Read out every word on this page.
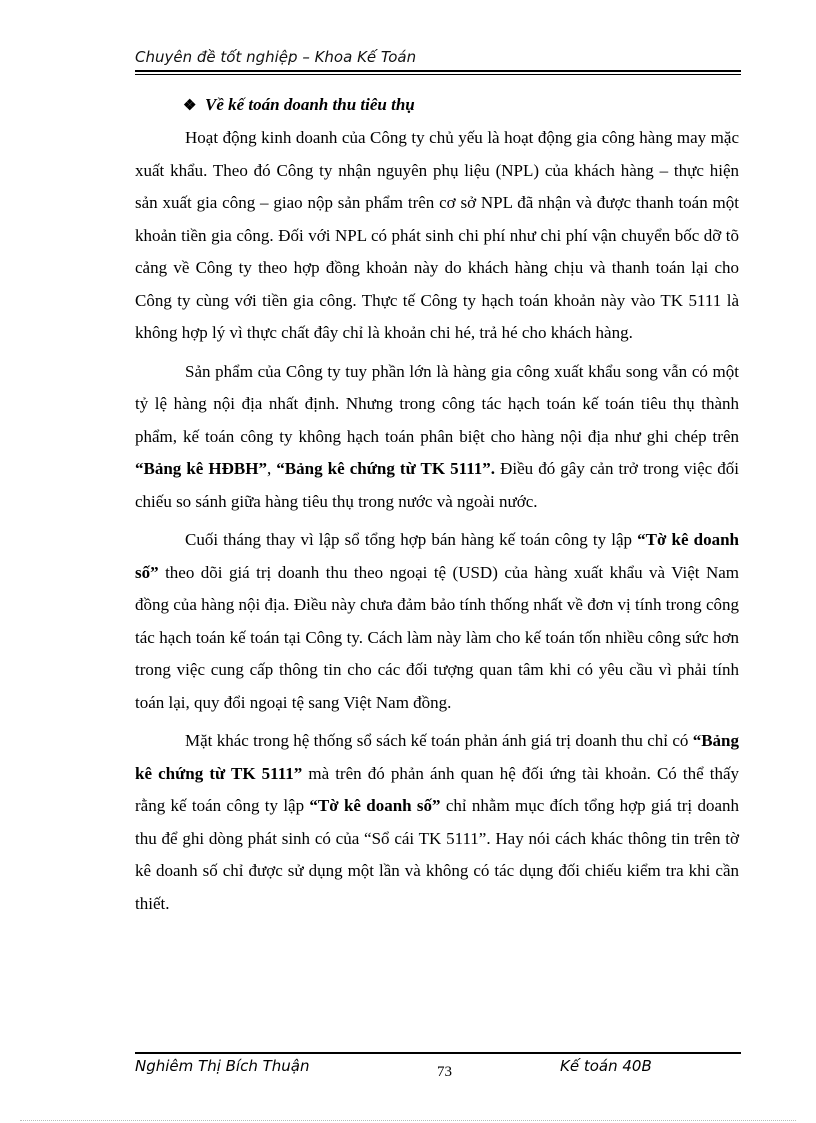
Chuyên đề tốt nghiệp – Khoa Kế Toán
❖ Về kế toán doanh thu tiêu thụ

Hoạt động kinh doanh của Công ty chủ yếu là hoạt động gia công hàng may mặc xuất khẩu. Theo đó Công ty nhận nguyên phụ liệu (NPL) của khách hàng – thực hiện sản xuất gia công – giao nộp sản phẩm trên cơ sở NPL đã nhận và được thanh toán một khoản tiền gia công. Đối với NPL có phát sinh chi phí như chi phí vận chuyển bốc dỡ tõ cảng về Công ty theo hợp đồng khoản này do khách hàng chịu và thanh toán lại cho Công ty cùng với tiền gia công. Thực tế Công ty hạch toán khoản này vào TK 5111 là không hợp lý vì thực chất đây chỉ là khoản chi hé, trả hé cho khách hàng.

Sản phẩm của Công ty tuy phần lớn là hàng gia công xuất khẩu song vẫn có một tỷ lệ hàng nội địa nhất định. Nhưng trong công tác hạch toán kế toán tiêu thụ thành phẩm, kế toán công ty không hạch toán phân biệt cho hàng nội địa như ghi chép trên “Bảng kê HĐBH”, “Bảng kê chứng từ TK 5111”. Điều đó gây cản trở trong việc đối chiếu so sánh giữa hàng tiêu thụ trong nước và ngoài nước.

Cuối tháng thay vì lập sổ tổng hợp bán hàng kế toán công ty lập “Tờ kê doanh số” theo dõi giá trị doanh thu theo ngoại tệ (USD) của hàng xuất khẩu và Việt Nam đồng của hàng nội địa. Điều này chưa đảm bảo tính thống nhất về đơn vị tính trong công tác hạch toán kế toán tại Công ty. Cách làm này làm cho kế toán tốn nhiều công sức hơn trong việc cung cấp thông tin cho các đối tượng quan tâm khi có yêu cầu vì phải tính toán lại, quy đổi ngoại tệ sang Việt Nam đồng.

Mặt khác trong hệ thống sổ sách kế toán phản ánh giá trị doanh thu chỉ có “Bảng kê chứng từ TK 5111” mà trên đó phản ánh quan hệ đối ứng tài khoản. Có thể thấy rằng kế toán công ty lập “Tờ kê doanh số” chỉ nhằm mục đích tổng hợp giá trị doanh thu để ghi dòng phát sinh có của “Sổ cái TK 5111”. Hay nói cách khác thông tin trên tờ kê doanh số chỉ được sử dụng một lần và không có tác dụng đối chiếu kiểm tra khi cần thiết.

Nghiêm Thị Bích Thuận	73	Kế toán 40B
